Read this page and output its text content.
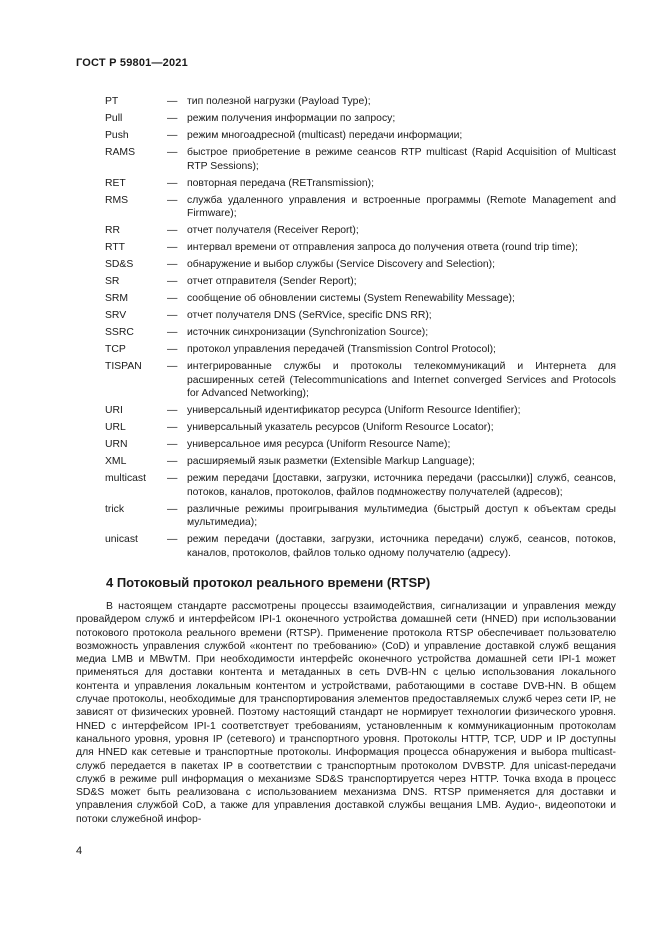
ГОСТ Р 59801—2021
PT	— тип полезной нагрузки (Payload Type);
Pull	— режим получения информации по запросу;
Push	— режим многоадресной (multicast) передачи информации;
RAMS	— быстрое приобретение в режиме сеансов RTP multicast (Rapid Acquisition of Multicast RTP Sessions);
RET	— повторная передача (RETransmission);
RMS	— служба удаленного управления и встроенные программы (Remote Management and Firmware);
RR	— отчет получателя (Receiver Report);
RTT	— интервал времени от отправления запроса до получения ответа (round trip time);
SD&S	— обнаружение и выбор службы (Service Discovery and Selection);
SR	— отчет отправителя (Sender Report);
SRM	— сообщение об обновлении системы (System Renewability Message);
SRV	— отчет получателя DNS (SeRVice, specific DNS RR);
SSRC	— источник синхронизации (Synchronization Source);
TCP	— протокол управления передачей (Transmission Control Protocol);
TISPAN	— интегрированные службы и протоколы телекоммуникаций и Интернета для расширенных сетей (Telecommunications and Internet converged Services and Protocols for Advanced Networking);
URI	— универсальный идентификатор ресурса (Uniform Resource Identifier);
URL	— универсальный указатель ресурсов (Uniform Resource Locator);
URN	— универсальное имя ресурса (Uniform Resource Name);
XML	— расширяемый язык разметки (Extensible Markup Language);
multicast	— режим передачи [доставки, загрузки, источника передачи (рассылки)] служб, сеансов, потоков, каналов, протоколов, файлов подмножеству получателей (адресов);
trick	— различные режимы проигрывания мультимедиа (быстрый доступ к объектам среды мультимедиа);
unicast	— режим передачи (доставки, загрузки, источника передачи) служб, сеансов, потоков, каналов, протоколов, файлов только одному получателю (адресу).
4 Потоковый протокол реального времени (RTSP)

В настоящем стандарте рассмотрены процессы взаимодействия, сигнализации и управления между провайдером служб и интерфейсом IPI-1 оконечного устройства домашней сети (HNED) при использовании потокового протокола реального времени (RTSP). Применение протокола RTSP обеспечивает пользователю возможность управления службой «контент по требованию» (CoD) и управление доставкой служб вещания медиа LMB и MBwTM. При необходимости интерфейс оконечного устройства домашней сети IPI-1 может применяться для доставки контента и метаданных в сеть DVB-HN с целью использования локального контента и управления локальным контентом и устройствами, работающими в составе DVB-HN. В общем случае протоколы, необходимые для транспортирования элементов предоставляемых служб через сети IP, не зависят от физических уровней. Поэтому настоящий стандарт не нормирует технологии физического уровня. HNED с интерфейсом IPI-1 соответствует требованиям, установленным к коммуникационным протоколам канального уровня, уровня IP (сетевого) и транспортного уровня. Протоколы HTTP, TCP, UDP и IP доступны для HNED как сетевые и транспортные протоколы. Информация процесса обнаружения и выбора multicast-служб передается в пакетах IP в соответствии с транспортным протоколом DVBSTP. Для unicast-передачи служб в режиме pull информация о механизме SD&S транспортируется через HTTP. Точка входа в процесс SD&S может быть реализована с использованием механизма DNS. RTSP применяется для доставки и управления службой CoD, а также для управления доставкой службы вещания LMB. Аудио-, видеопотоки и потоки служебной инфор-

4
